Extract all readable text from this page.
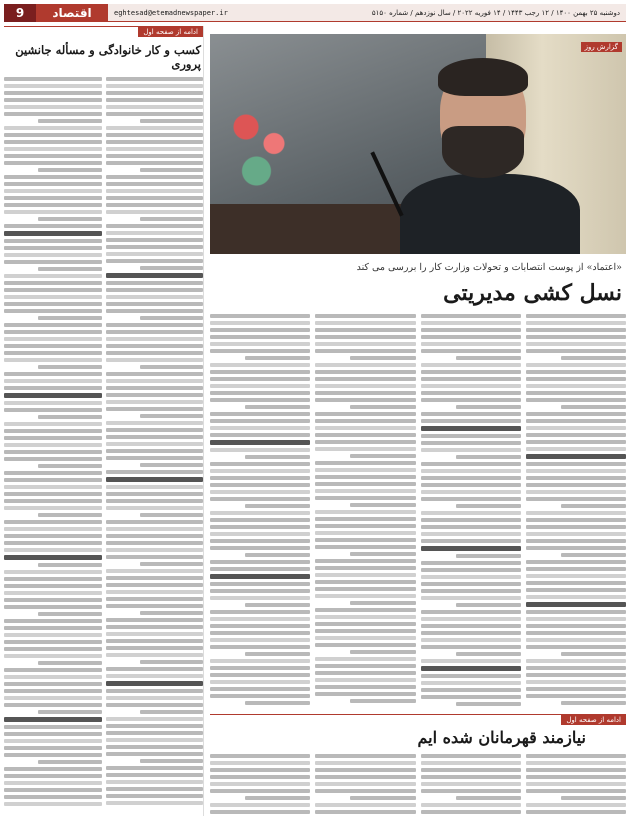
9	اقتصاد	eghtesad@etemadnewspaper.ir	دوشنبه ۲۵ بهمن ۱۴۰۰ / ۱۲ رجب ۱۴۴۳ / ۱۴ فوریه ۲۰۲۲ / سال نوزدهم / شماره ۵۱۵۰
ادامه از صفحه اول
کسب و کار خانوادگی و مسأله جانشین پروری
گزارش روز
«اعتماد» از پوست انتصابات و تحولات وزارت کار را بررسی می کند
نسل کشی مدیریتی
ادامه از صفحه اول
نیازمند قهرمانان شده ایم
